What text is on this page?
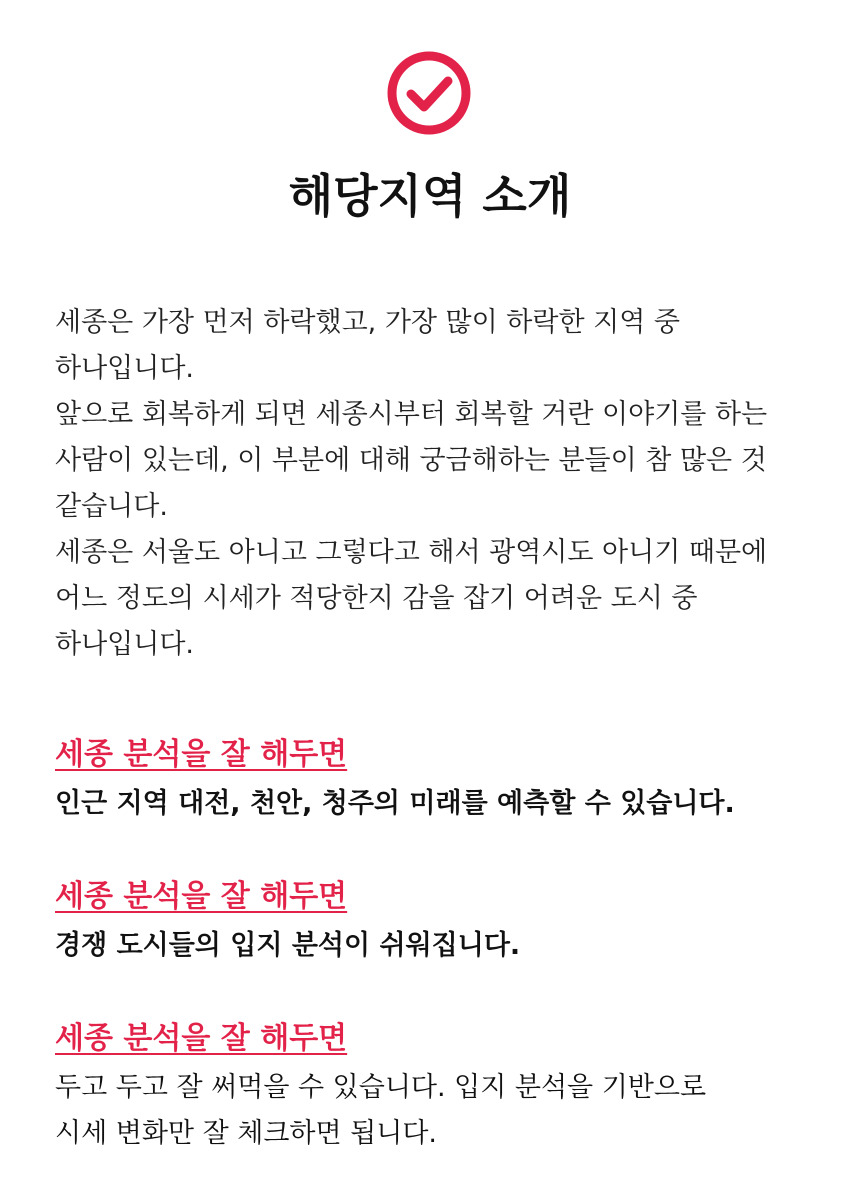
해당지역 소개

세종은 가장 먼저 하락했고, 가장 많이 하락한 지역 중 하나입니다.

앞으로 회복하게 되면 세종시부터 회복할 거란 이야기를 하는 사람이 있는데, 이 부분에 대해 궁금해하는 분들이 참 많은 것 같습니다.

세종은 서울도 아니고 그렇다고 해서 광역시도 아니기 때문에 어느 정도의 시세가 적당한지 감을 잡기 어려운 도시 중 하나입니다.

세종 분석을 잘 해두면
인근 지역 대전, 천안, 청주의 미래를 예측할 수 있습니다.
세종 분석을 잘 해두면
경쟁 도시들의 입지 분석이 쉬워집니다.
세종 분석을 잘 해두면
두고 두고 잘 써먹을 수 있습니다. 입지 분석을 기반으로
시세 변화만 잘 체크하면 됩니다.
